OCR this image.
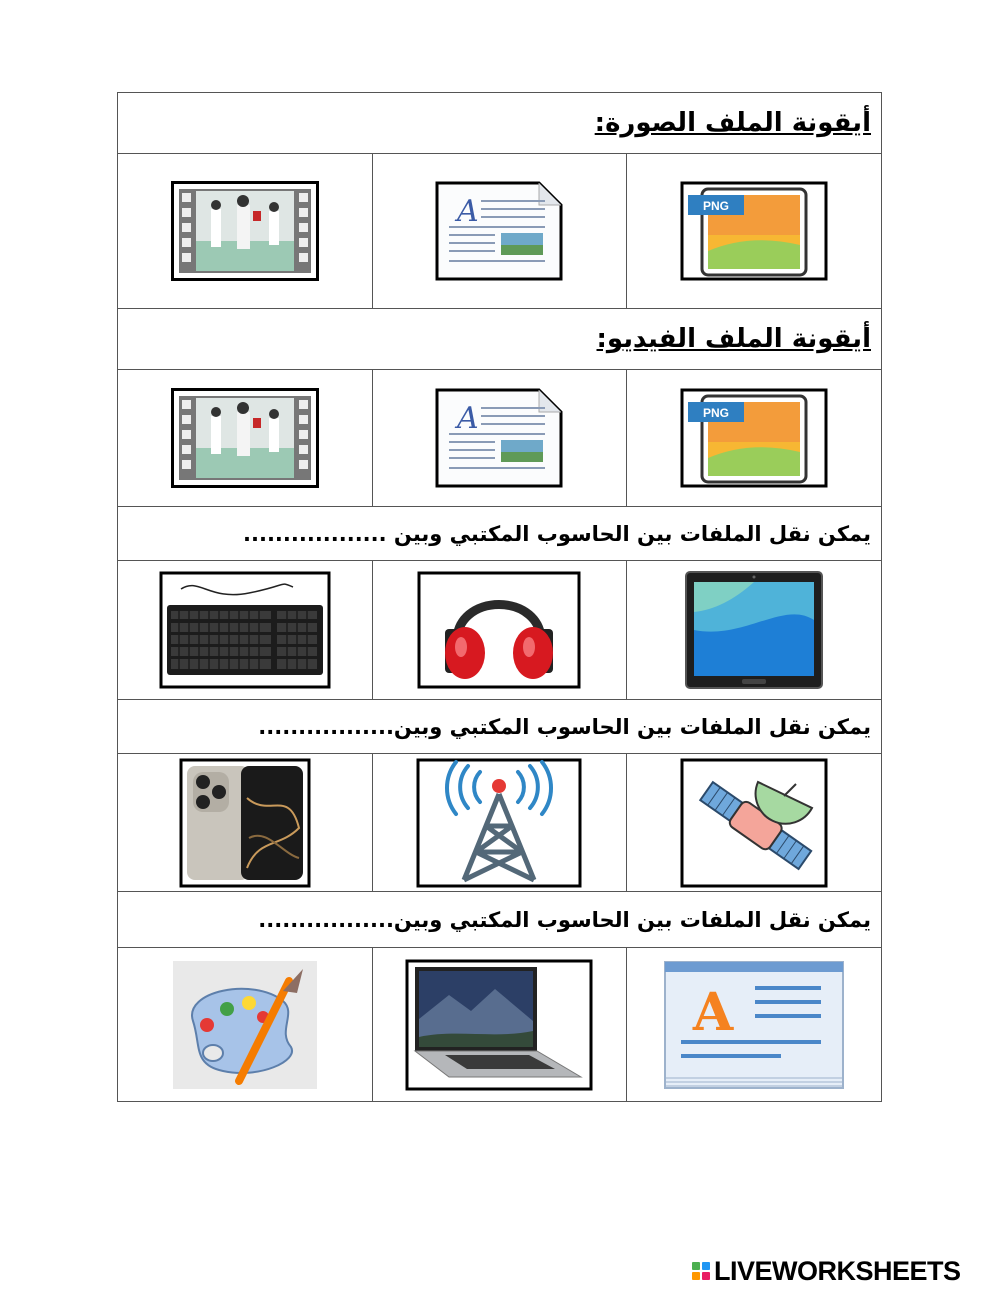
أيقونة الملف الصورة:		

A	PNG

أيقونة الملف الفيديو:		

A	PNG

يمكن نقل الملفات بين الحاسوب المكتبي وبين ..................		

يمكن نقل الملفات بين الحاسوب المكتبي وبين.................		

يمكن نقل الملفات بين الحاسوب المكتبي وبين.................		

A
LIVEWORKSHEETS
